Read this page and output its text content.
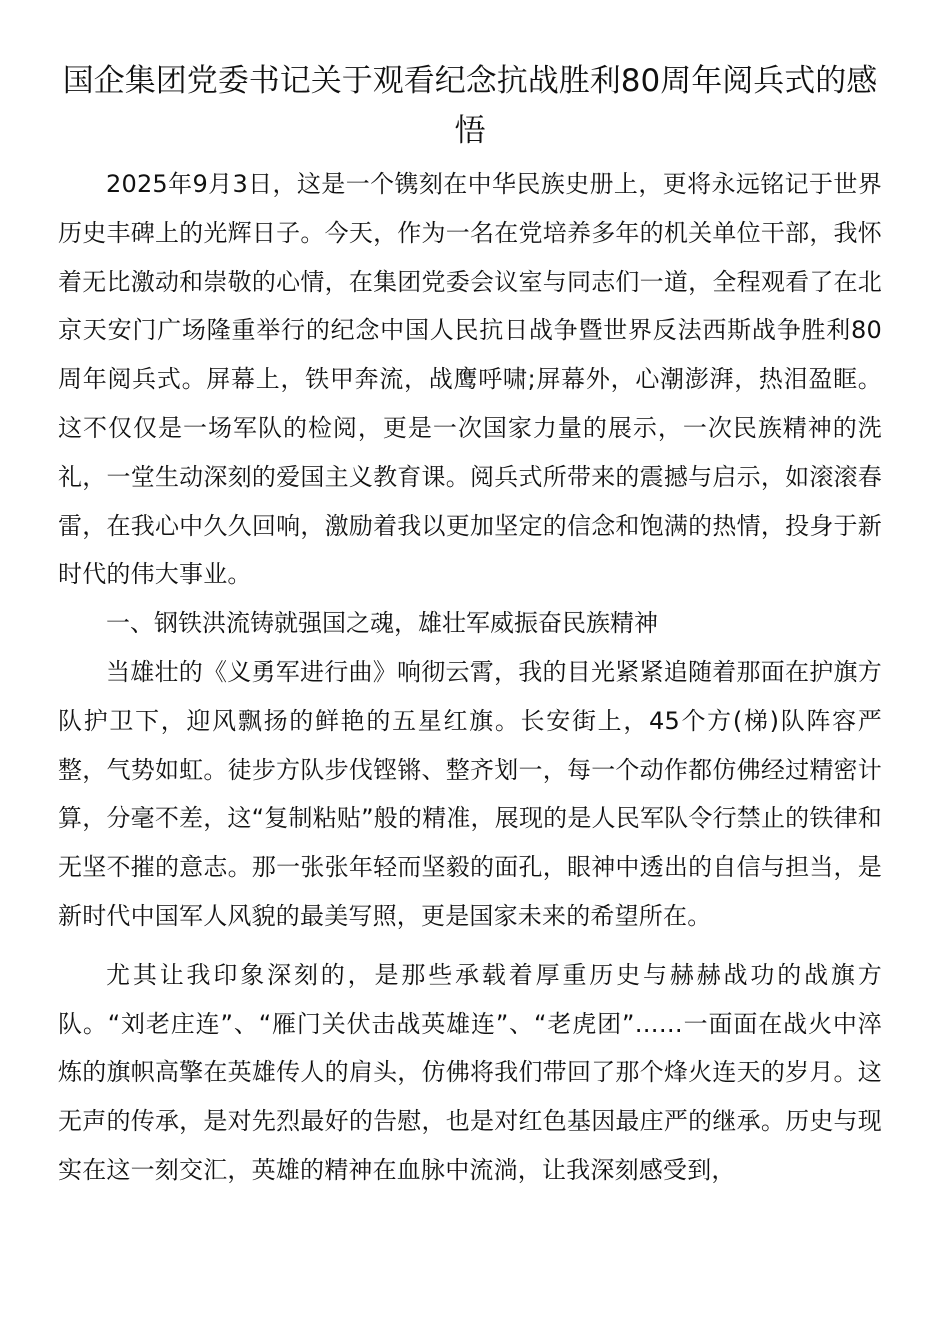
国企集团党委书记关于观看纪念抗战胜利80周年阅兵式的感悟

2025年9月3日，这是一个镌刻在中华民族史册上，更将永远铭记于世界历史丰碑上的光辉日子。今天，作为一名在党培养多年的机关单位干部，我怀着无比激动和崇敬的心情，在集团党委会议室与同志们一道，全程观看了在北京天安门广场隆重举行的纪念中国人民抗日战争暨世界反法西斯战争胜利80周年阅兵式。屏幕上，铁甲奔流，战鹰呼啸;屏幕外，心潮澎湃，热泪盈眶。这不仅仅是一场军队的检阅，更是一次国家力量的展示，一次民族精神的洗礼，一堂生动深刻的爱国主义教育课。阅兵式所带来的震撼与启示，如滚滚春雷，在我心中久久回响，激励着我以更加坚定的信念和饱满的热情，投身于新时代的伟大事业。

一、钢铁洪流铸就强国之魂，雄壮军威振奋民族精神

当雄壮的《义勇军进行曲》响彻云霄，我的目光紧紧追随着那面在护旗方队护卫下，迎风飘扬的鲜艳的五星红旗。长安街上，45个方(梯)队阵容严整，气势如虹。徒步方队步伐铿锵、整齐划一，每一个动作都仿佛经过精密计算，分毫不差，这“复制粘贴”般的精准，展现的是人民军队令行禁止的铁律和无坚不摧的意志。那一张张年轻而坚毅的面孔，眼神中透出的自信与担当，是新时代中国军人风貌的最美写照，更是国家未来的希望所在。

尤其让我印象深刻的，是那些承载着厚重历史与赫赫战功的战旗方队。“刘老庄连”、“雁门关伏击战英雄连”、“老虎团”……一面面在战火中淬炼的旗帜高擎在英雄传人的肩头，仿佛将我们带回了那个烽火连天的岁月。这无声的传承，是对先烈最好的告慰，也是对红色基因最庄严的继承。历史与现实在这一刻交汇，英雄的精神在血脉中流淌，让我深刻感受到，
